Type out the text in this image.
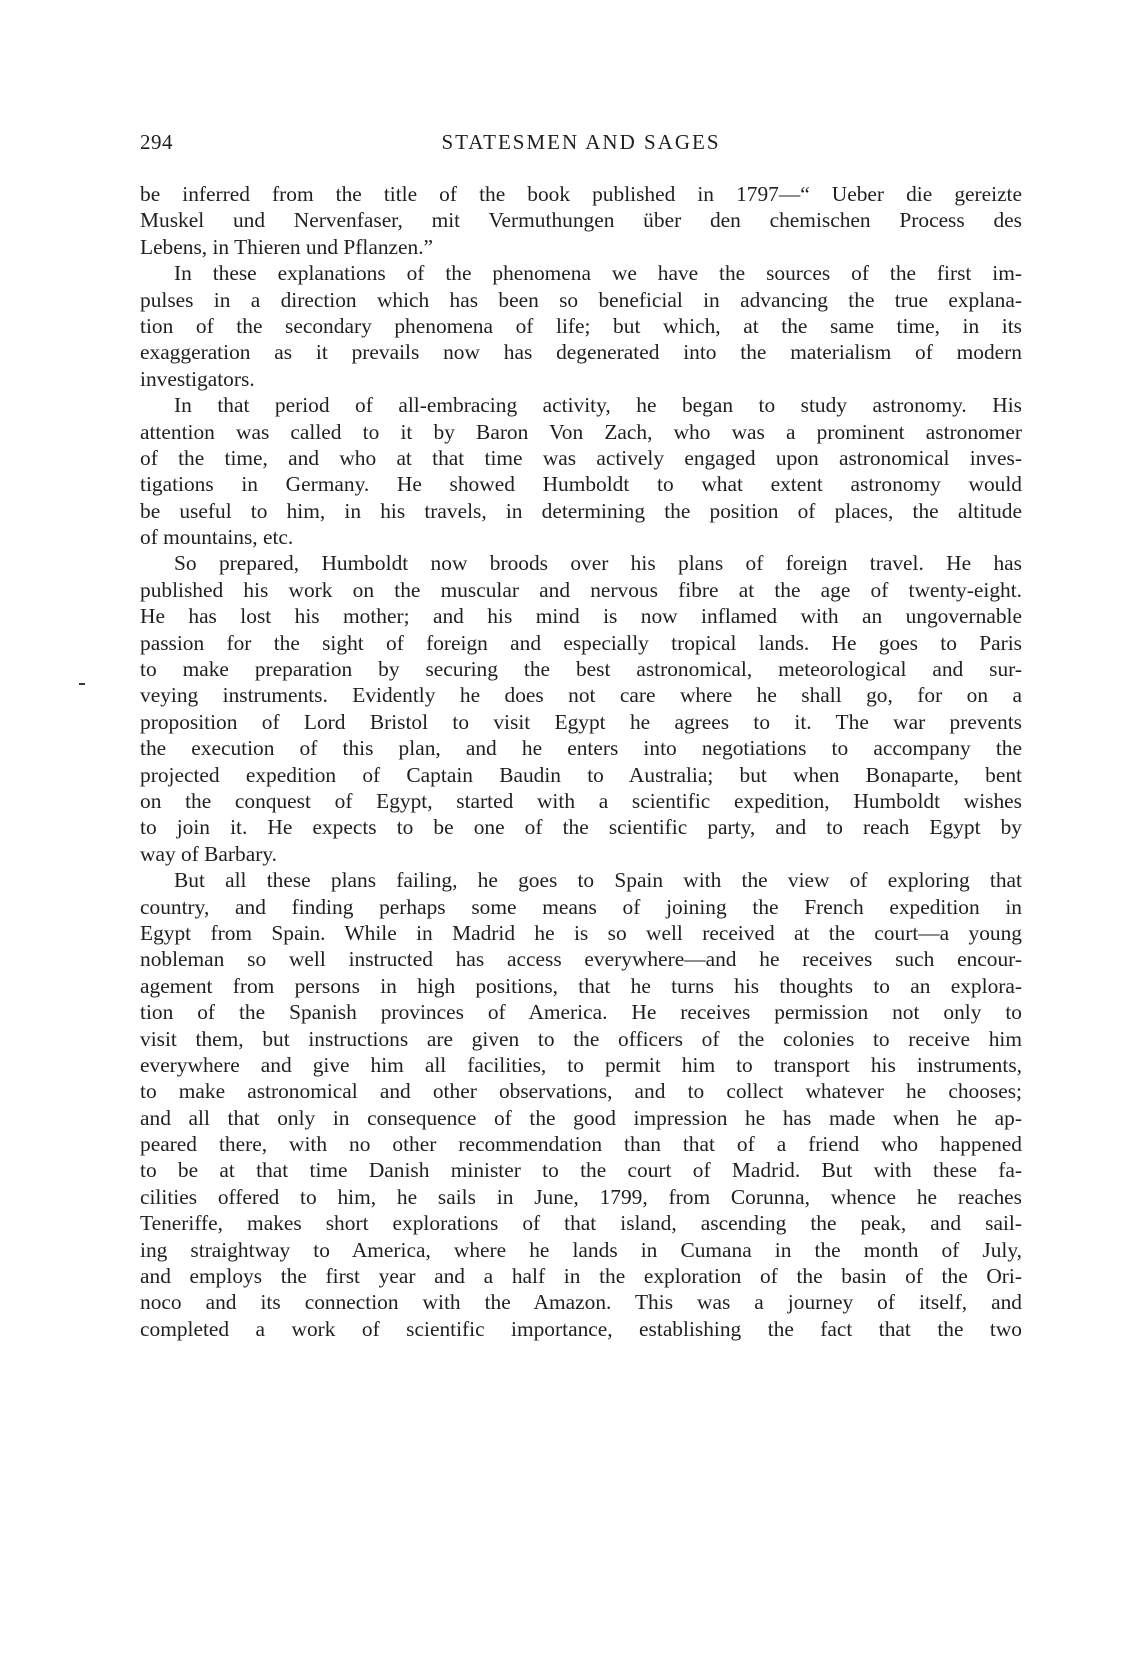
294	STATESMEN AND SAGES
be inferred from the title of the book published in 1797—“ Ueber die gereizte
Muskel und Nervenfaser, mit Vermuthungen über den chemischen Process des
Lebens, in Thieren und Pflanzen.”
In these explanations of the phenomena we have the sources of the first im-
pulses in a direction which has been so beneficial in advancing the true explana-
tion of the secondary phenomena of life; but which, at the same time, in its
exaggeration as it prevails now has degenerated into the materialism of modern
investigators.
In that period of all-embracing activity, he began to study astronomy. His
attention was called to it by Baron Von Zach, who was a prominent astronomer
of the time, and who at that time was actively engaged upon astronomical inves-
tigations in Germany. He showed Humboldt to what extent astronomy would
be useful to him, in his travels, in determining the position of places, the altitude
of mountains, etc.
So prepared, Humboldt now broods over his plans of foreign travel. He has
published his work on the muscular and nervous fibre at the age of twenty-eight.
He has lost his mother; and his mind is now inflamed with an ungovernable
passion for the sight of foreign and especially tropical lands. He goes to Paris
to make preparation by securing the best astronomical, meteorological and sur-
veying instruments. Evidently he does not care where he shall go, for on a
proposition of Lord Bristol to visit Egypt he agrees to it. The war prevents
the execution of this plan, and he enters into negotiations to accompany the
projected expedition of Captain Baudin to Australia; but when Bonaparte, bent
on the conquest of Egypt, started with a scientific expedition, Humboldt wishes
to join it. He expects to be one of the scientific party, and to reach Egypt by
way of Barbary.
But all these plans failing, he goes to Spain with the view of exploring that
country, and finding perhaps some means of joining the French expedition in
Egypt from Spain. While in Madrid he is so well received at the court—a young
nobleman so well instructed has access everywhere—and he receives such encour-
agement from persons in high positions, that he turns his thoughts to an explora-
tion of the Spanish provinces of America. He receives permission not only to
visit them, but instructions are given to the officers of the colonies to receive him
everywhere and give him all facilities, to permit him to transport his instruments,
to make astronomical and other observations, and to collect whatever he chooses;
and all that only in consequence of the good impression he has made when he ap-
peared there, with no other recommendation than that of a friend who happened
to be at that time Danish minister to the court of Madrid. But with these fa-
cilities offered to him, he sails in June, 1799, from Corunna, whence he reaches
Teneriffe, makes short explorations of that island, ascending the peak, and sail-
ing straightway to America, where he lands in Cumana in the month of July,
and employs the first year and a half in the exploration of the basin of the Ori-
noco and its connection with the Amazon. This was a journey of itself, and
completed a work of scientific importance, establishing the fact that the two
